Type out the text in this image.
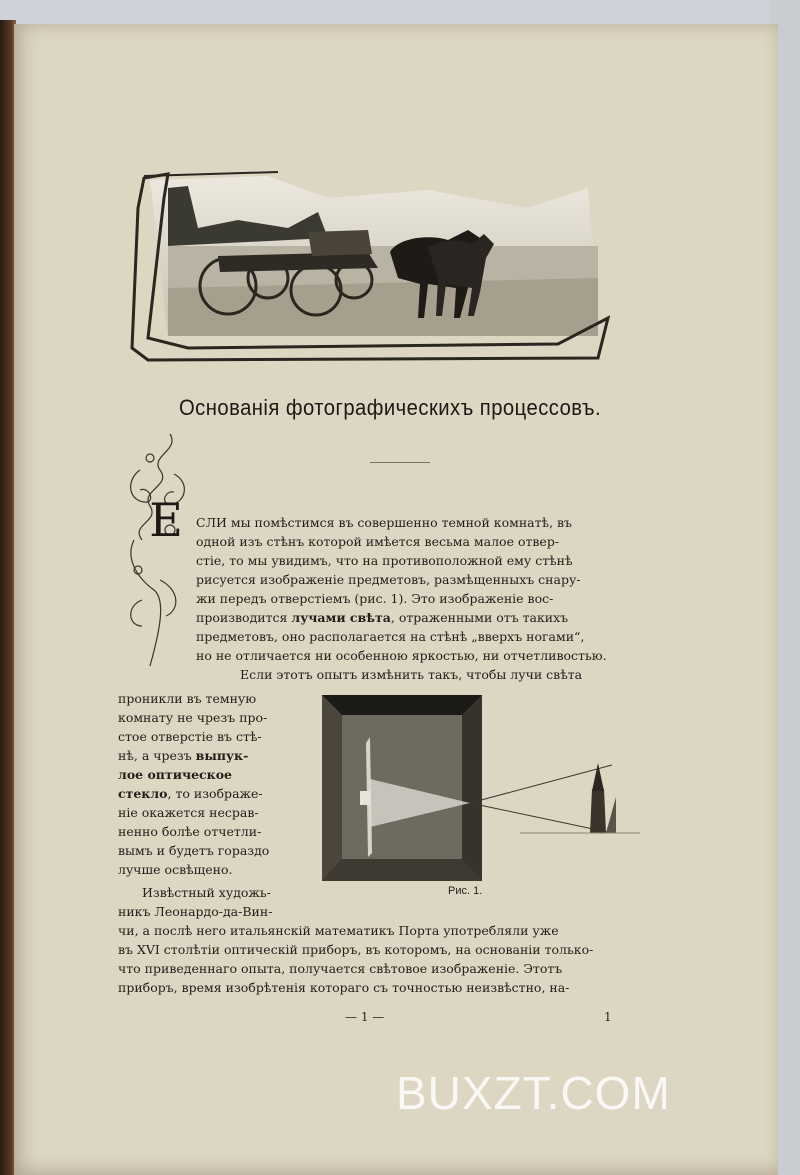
Основанія фотографическихъ процессовъ.
Е СЛИ мы помѣстимся въ совершенно темной комнатѣ, въ
одной изъ стѣнъ которой имѣется весьма малое отвер-
стіе, то мы увидимъ, что на противоположной ему стѣнѣ
рисуется изображеніе предметовъ, размѣщенныхъ снару-
жи передъ отверстіемъ (рис. 1). Это изображеніе вос-
производится лучами свѣта, отраженными отъ такихъ
предметовъ, оно располагается на стѣнѣ „вверхъ ногами“,
но не отличается ни особенною яркостью, ни отчетливостью.
Если этотъ опытъ измѣнить такъ, чтобы лучи свѣта
проникли въ темную
комнату не чрезъ про-
стое отверстіе въ стѣ-
нѣ, а чрезъ выпук-
лое оптическое
стекло, то изображе-
ніе окажется несрав-
ненно болѣе отчетли-
вымъ и будетъ гораздо
лучше освѣщено.
Рис. 1.
Извѣстный художь-
никъ Леонардо-да-Вин-
чи, а послѣ него итальянскій математикъ Порта употребляли уже
въ XVI столѣтіи оптическій приборъ, въ которомъ, на основаніи только-
что приведеннаго опыта, получается свѣтовое изображеніе. Этотъ
приборъ, время изобрѣтенія котораго съ точностью неизвѣстно, на-
— 1 —	1
BUXZT.COM
